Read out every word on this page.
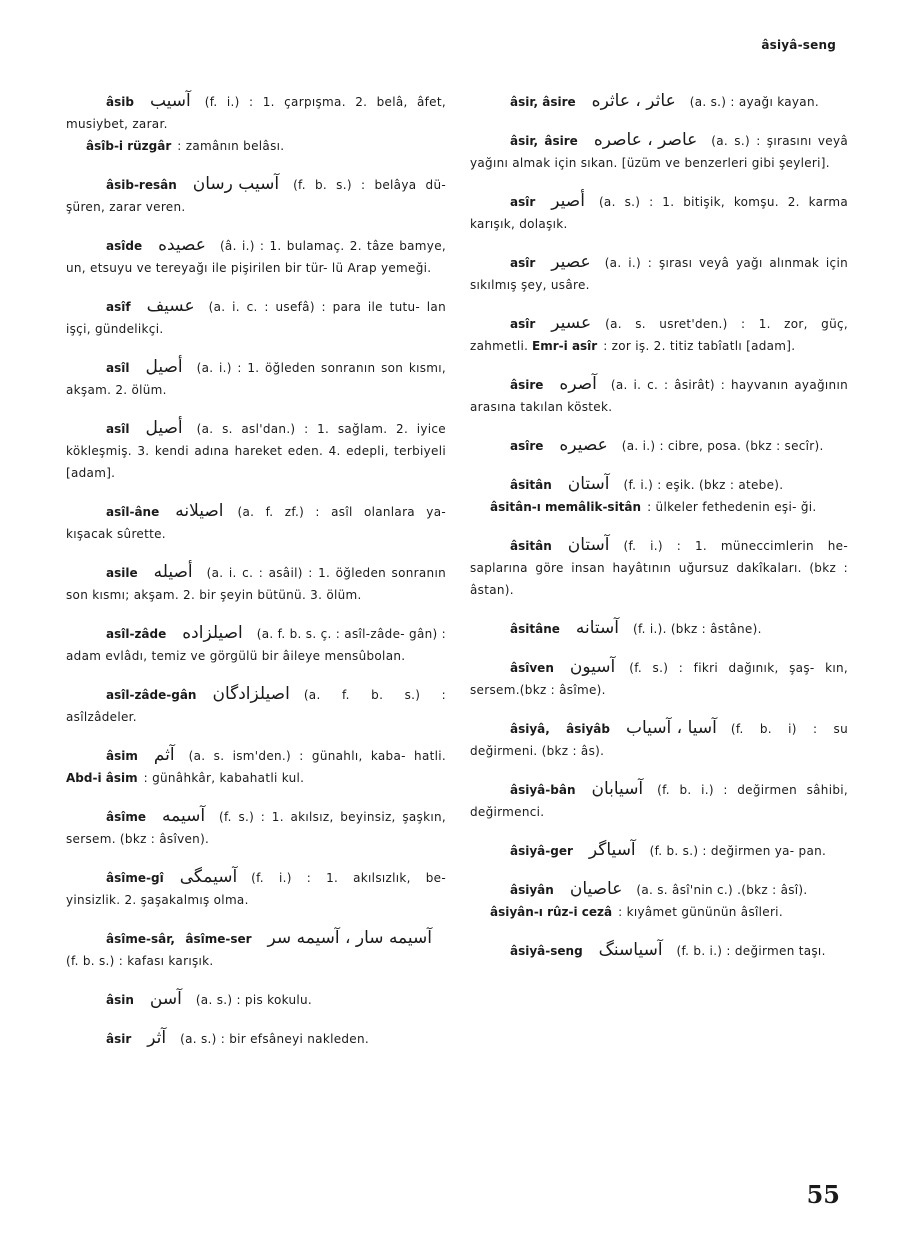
âsiyâ-seng
âsib آسیب (f. i.) : 1. çarpışma. 2. belâ, âfet, musiybet, zarar.
âsîb-i rüzgâr : zamânın belâsı.
âsib-resân آسیب رسان (f. b. s.) : belâya dü- şüren, zarar veren.
asîde عصیده (â. i.) : 1. bulamaç. 2. tâze bamye, un, etsuyu ve tereyağı ile pişirilen bir tür- lü Arap yemeği.
asîf عسیف (a. i. c. : usefâ) : para ile tutu- lan işçi, gündelikçi.
asîl أصیل (a. i.) : 1. öğleden sonranın son kısmı, akşam. 2. ölüm.
asîl أصیل (a. s. asl'dan.) : 1. sağlam. 2. iyice kökleşmiş. 3. kendi adına hareket eden. 4. edepli, terbiyeli [adam].
asîl-âne اصیلانه (a. f. zf.) : asîl olanlara ya- kışacak sûrette.
asile أصیله (a. i. c. : asâil) : 1. öğleden sonranın son kısmı; akşam. 2. bir şeyin bütünü. 3. ölüm.
asîl-zâde اصیلزاده (a. f. b. s. ç. : asîl-zâde- gân) : adam evlâdı, temiz ve görgülü bir âileye mensûbolan.
asîl-zâde-gân اصیلزادگان (a. f. b. s.) : asîlzâdeler.
âsim آثم (a. s. ism'den.) : günahlı, kaba- hatli. Abd-i âsim : günâhkâr, kabahatli kul.
âsîme آسیمه (f. s.) : 1. akılsız, beyinsiz, şaşkın, sersem. (bkz : âsîven).
âsîme-gî آسیمگی (f. i.) : 1. akılsızlık, be- yinsizlik. 2. şaşakalmış olma.
âsîme-sâr, âsîme-ser آسیمه سار ، آسیمه سر(f. b. s.) : kafası karışık.
âsin آسن (a. s.) : pis kokulu.
âsir آثر (a. s.) : bir efsâneyi nakleden.
âsir, âsire عاثر ، عاثره (a. s.) : ayağı kayan.
âsir, âsire عاصر ، عاصره (a. s.) : şırasını veyâ yağını almak için sıkan. [üzüm ve benzerleri gibi şeyleri].
asîr أصیر (a. s.) : 1. bitişik, komşu. 2. karma karışık, dolaşık.
asîr عصیر (a. i.) : şırası veyâ yağı alınmak için sıkılmış şey, usâre.
asîr عسیر (a. s. usret'den.) : 1. zor, güç, zahmetli. Emr-i asîr : zor iş. 2. titiz tabîatlı [adam].
âsire آصره (a. i. c. : âsirât) : hayvanın ayağının arasına takılan köstek.
asîre عصیره (a. i.) : cibre, posa. (bkz : secîr).
âsitân آستان (f. i.) : eşik. (bkz : atebe).
âsitân-ı memâlik-sitân : ülkeler fethedenin eşi- ği.
âsitân آستان (f. i.) : 1. müneccimlerin he- saplarına göre insan hayâtının uğursuz dakîkaları. (bkz : âstan).
âsitâne آستانه (f. i.). (bkz : âstâne).
âsîven آسیون (f. s.) : fikri dağınık, şaş- kın, sersem.(bkz : âsîme).
âsiyâ, âsiyâb آسیا ، آسیاب (f. b. i) : su değirmeni. (bkz : âs).
âsiyâ-bân آسیابان (f. b. i.) : değirmen sâhibi, değirmenci.
âsiyâ-ger آسیاگر (f. b. s.) : değirmen ya- pan.
âsiyân عاصیان (a. s. âsî'nin c.) .(bkz : âsî).
âsiyân-ı rûz-i cezâ : kıyâmet gününün âsîleri.
âsiyâ-seng آسیاسنگ (f. b. i.) : değirmen taşı.
55
